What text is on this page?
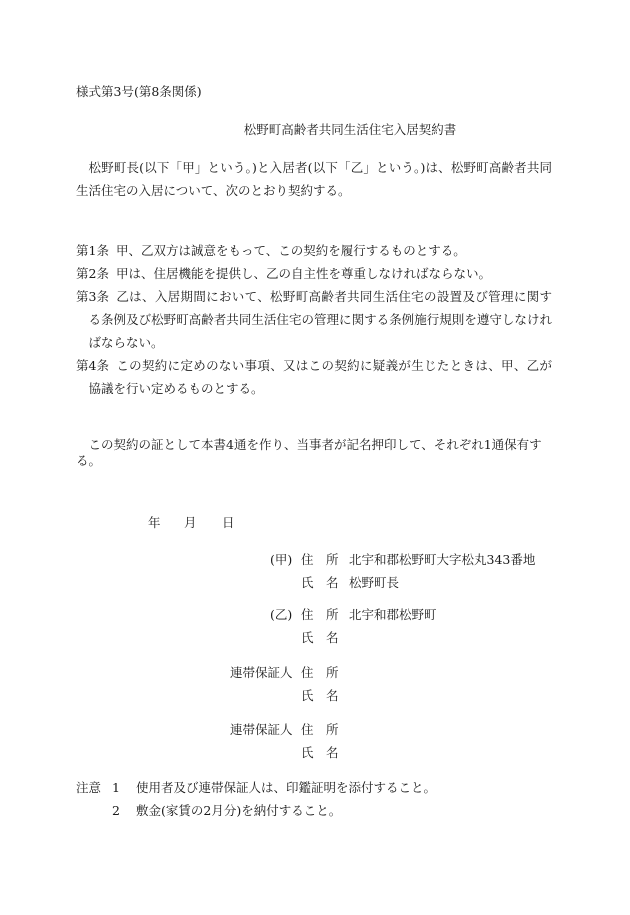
様式第3号(第8条関係)
松野町高齢者共同生活住宅入居契約書
松野町長(以下「甲」という。)と入居者(以下「乙」という。)は、松野町高齢者共同生活住宅の入居について、次のとおり契約する。
第1条 甲、乙双方は誠意をもって、この契約を履行するものとする。
第2条 甲は、住居機能を提供し、乙の自主性を尊重しなければならない。
第3条 乙は、入居期間において、松野町高齢者共同生活住宅の設置及び管理に関する条例及び松野町高齢者共同生活住宅の管理に関する条例施行規則を遵守しなければならない。
第4条 この契約に定めのない事項、又はこの契約に疑義が生じたときは、甲、乙が協議を行い定めるものとする。
この契約の証として本書4通を作り、当事者が記名押印して、それぞれ1通保有する。
年 月 日
(甲) 住　所 北宇和郡松野町大字松丸343番地
氏　名 松野町長
(乙) 住　所 北宇和郡松野町
氏　名
連帯保証人 住　所
氏　名
連帯保証人 住　所
氏　名
注意 1	使用者及び連帯保証人は、印鑑証明を添付すること。
2	敷金(家賃の2月分)を納付すること。
